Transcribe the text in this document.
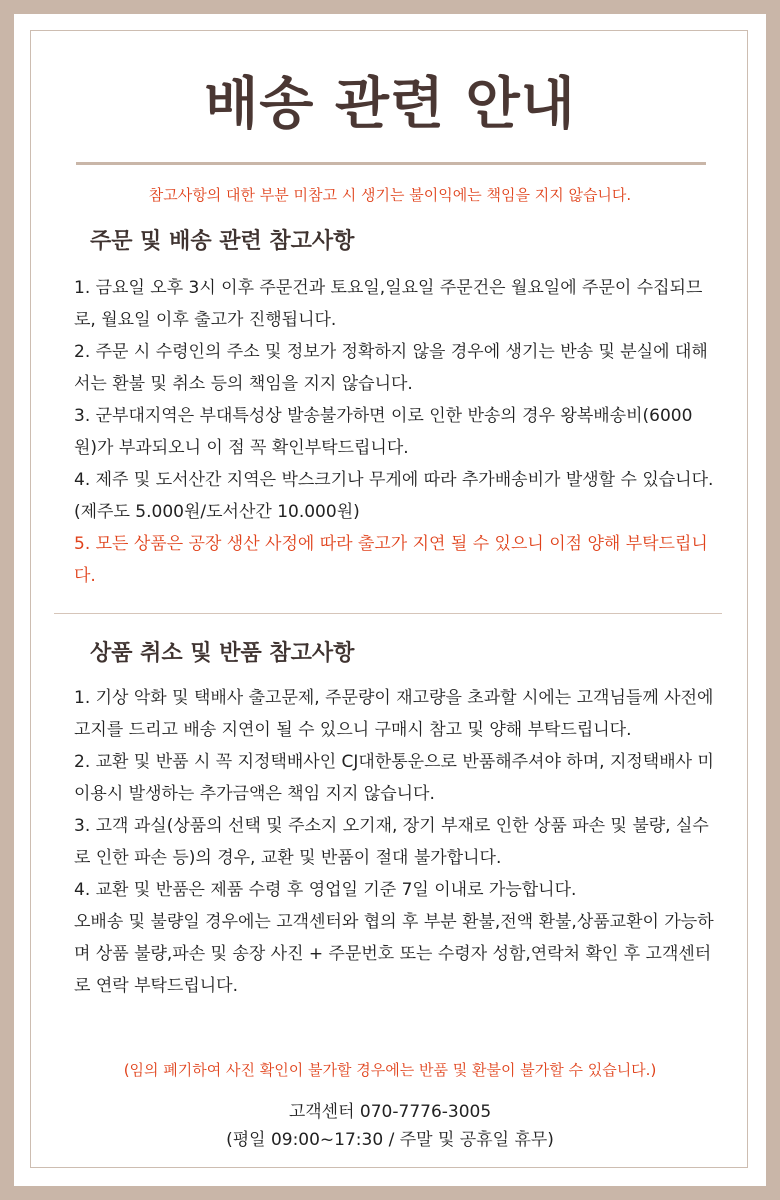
배송 관련 안내
참고사항의 대한 부분 미참고 시 생기는 불이익에는 책임을 지지 않습니다.
주문 및 배송 관련 참고사항

1. 금요일 오후 3시 이후 주문건과 토요일,일요일 주문건은 월요일에 주문이 수집되므로, 월요일 이후 출고가 진행됩니다.

2. 주문 시 수령인의 주소 및 정보가 정확하지 않을 경우에 생기는 반송 및 분실에 대해서는 환불 및 취소 등의 책임을 지지 않습니다.

3. 군부대지역은 부대특성상 발송불가하면 이로 인한 반송의 경우 왕복배송비(6000원)가 부과되오니 이 점 꼭 확인부탁드립니다.

4. 제주 및 도서산간 지역은 박스크기나 무게에 따라 추가배송비가 발생할 수 있습니다.(제주도 5.000원/도서산간 10.000원)

5. 모든 상품은 공장 생산 사정에 따라 출고가 지연 될 수 있으니 이점 양해 부탁드립니다.

상품 취소 및 반품 참고사항

1. 기상 악화 및 택배사 출고문제, 주문량이 재고량을 초과할 시에는 고객님들께 사전에 고지를 드리고 배송 지연이 될 수 있으니 구매시 참고 및 양해 부탁드립니다.

2. 교환 및 반품 시 꼭 지정택배사인 CJ대한통운으로 반품해주셔야 하며, 지정택배사 미 이용시 발생하는 추가금액은 책임 지지 않습니다.

3. 고객 과실(상품의 선택 및 주소지 오기재, 장기 부재로 인한 상품 파손 및 불량, 실수로 인한 파손 등)의 경우, 교환 및 반품이 절대 불가합니다.

4. 교환 및 반품은 제품 수령 후 영업일 기준 7일 이내로 가능합니다.

오배송 및 불량일 경우에는 고객센터와 협의 후 부분 환불,전액 환불,상품교환이 가능하며 상품 불량,파손 및 송장 사진 + 주문번호 또는 수령자 성함,연락처 확인 후 고객센터로 연락 부탁드립니다.

(임의 폐기하여 사진 확인이 불가할 경우에는 반품 및 환불이 불가할 수 있습니다.)
고객센터 070-7776-3005
(평일 09:00~17:30 / 주말 및 공휴일 휴무)
